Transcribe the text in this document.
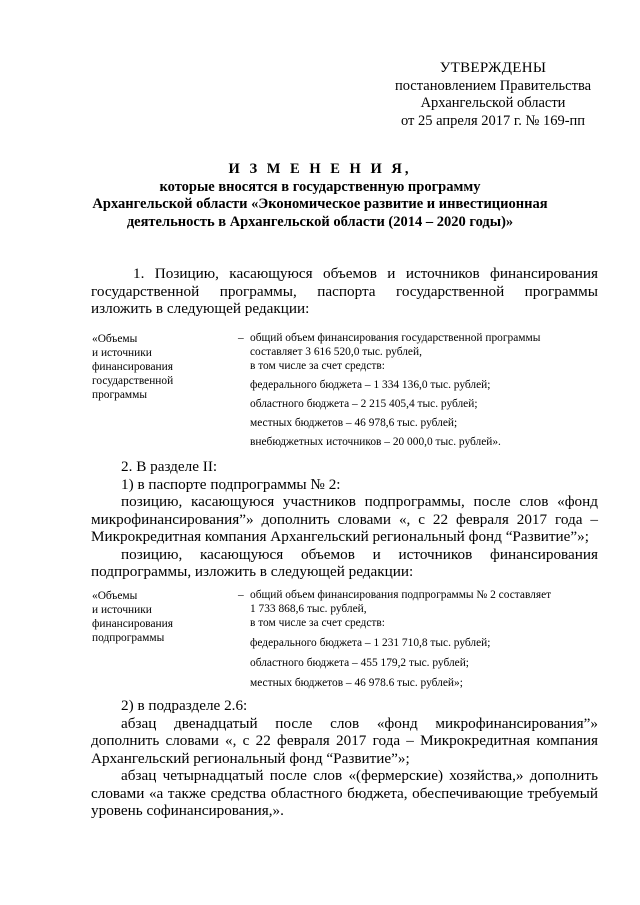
УТВЕРЖДЕНЫ
постановлением Правительства
Архангельской области
от 25 апреля 2017 г. № 169-пп
И З М Е Н Е Н И Я,
которые вносятся в государственную программу
Архангельской области «Экономическое развитие и инвестиционная
деятельность в Архангельской области (2014 – 2020 годы)»
1. Позицию, касающуюся объемов и источников финансирования
государственной программы, паспорта государственной программы
изложить в следующей редакции:
«Объемы
и источники
финансирования
государственной
программы
– общий объем финансирования государственной программы
составляет 3 616 520,0 тыс. рублей,
в том числе за счет средств:
федерального бюджета – 1 334 136,0 тыс. рублей;
областного бюджета – 2 215 405,4 тыс. рублей;
местных бюджетов – 46 978,6 тыс. рублей;
внебюджетных источников – 20 000,0 тыс. рублей».
2. В разделе II:
1) в паспорте подпрограммы № 2:
позицию, касающуюся участников подпрограммы, после слов «фонд
микрофинансирования”» дополнить словами «, с 22 февраля 2017 года –
Микрокредитная компания Архангельский региональный фонд “Развитие”»;
позицию, касающуюся объемов и источников финансирования
подпрограммы, изложить в следующей редакции:
«Объемы
и источники
финансирования
подпрограммы
– общий объем финансирования подпрограммы № 2 составляет
1 733 868,6 тыс. рублей,
в том числе за счет средств:
федерального бюджета – 1 231 710,8 тыс. рублей;
областного бюджета – 455 179,2 тыс. рублей;
местных бюджетов – 46 978.6 тыс. рублей»;
2) в подразделе 2.6:
абзац двенадцатый после слов «фонд микрофинансирования”»
дополнить словами «, с 22 февраля 2017 года – Микрокредитная компания
Архангельский региональный фонд “Развитие”»;
абзац четырнадцатый после слов «(фермерские) хозяйства,» дополнить
словами «а также средства областного бюджета, обеспечивающие требуемый
уровень софинансирования,».
